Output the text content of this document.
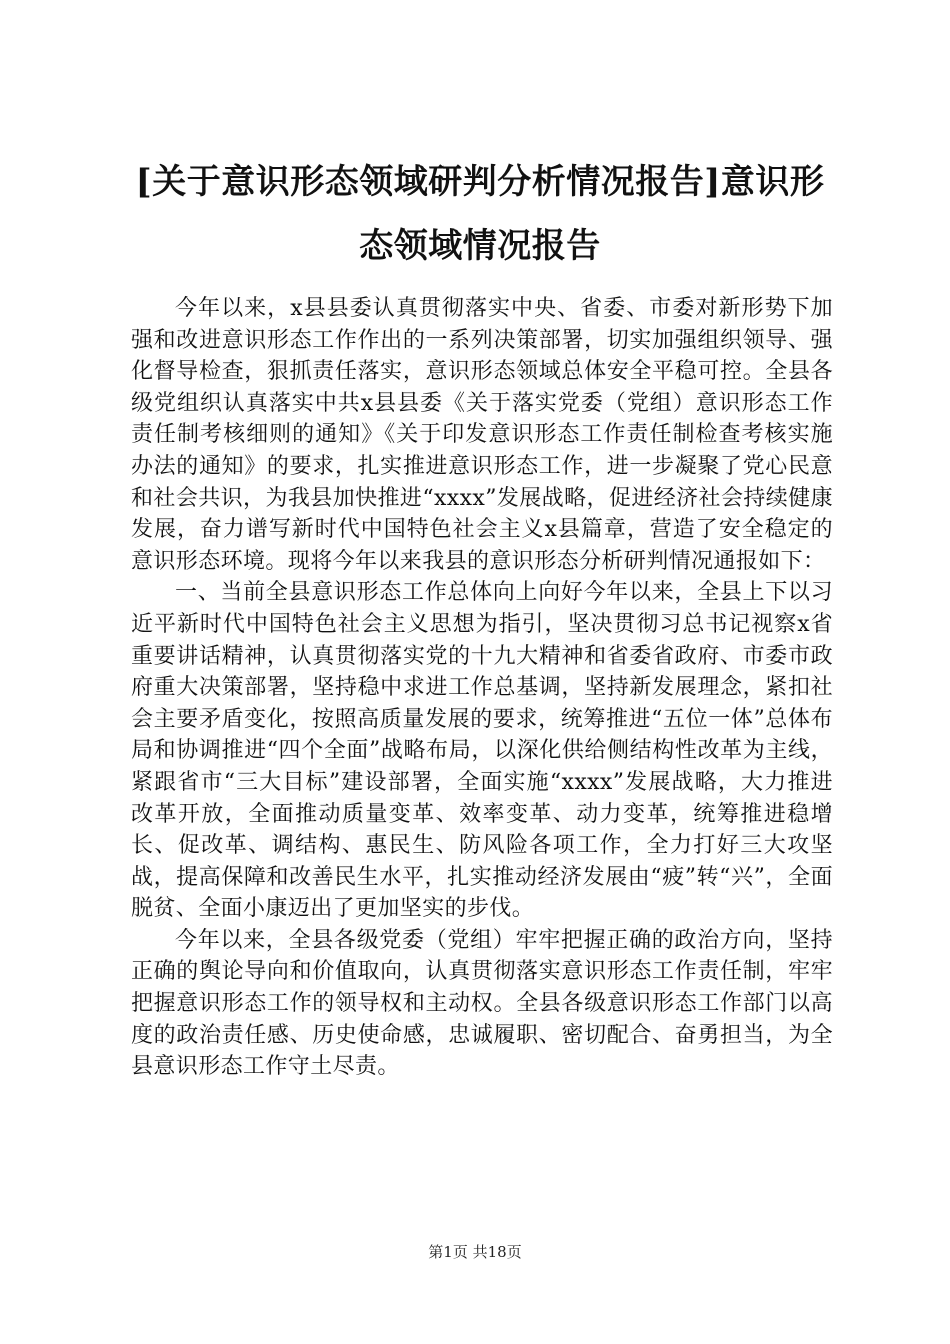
[关于意识形态领域研判分析情况报告]意识形
态领域情况报告

今年以来，x县县委认真贯彻落实中央、省委、市委对新形势下加强和改进意识形态工作作出的一系列决策部署，切实加强组织领导、强化督导检查，狠抓责任落实，意识形态领域总体安全平稳可控。全县各级党组织认真落实中共x县县委《关于落实党委（党组）意识形态工作责任制考核细则的通知》《关于印发意识形态工作责任制检查考核实施办法的通知》的要求，扎实推进意识形态工作，进一步凝聚了党心民意和社会共识，为我县加快推进“xxxx”发展战略，促进经济社会持续健康发展，奋力谱写新时代中国特色社会主义x县篇章，营造了安全稳定的意识形态环境。现将今年以来我县的意识形态分析研判情况通报如下：

一、当前全县意识形态工作总体向上向好今年以来，全县上下以习近平新时代中国特色社会主义思想为指引，坚决贯彻习总书记视察x省重要讲话精神，认真贯彻落实党的十九大精神和省委省政府、市委市政府重大决策部署，坚持稳中求进工作总基调，坚持新发展理念，紧扣社会主要矛盾变化，按照高质量发展的要求，统筹推进“五位一体”总体布局和协调推进“四个全面”战略布局，以深化供给侧结构性改革为主线，紧跟省市“三大目标”建设部署，全面实施“xxxx”发展战略，大力推进改革开放，全面推动质量变革、效率变革、动力变革，统筹推进稳增长、促改革、调结构、惠民生、防风险各项工作，全力打好三大攻坚战，提高保障和改善民生水平，扎实推动经济发展由“疲”转“兴”，全面脱贫、全面小康迈出了更加坚实的步伐。

今年以来，全县各级党委（党组）牢牢把握正确的政治方向，坚持正确的舆论导向和价值取向，认真贯彻落实意识形态工作责任制，牢牢把握意识形态工作的领导权和主动权。全县各级意识形态工作部门以高度的政治责任感、历史使命感，忠诚履职、密切配合、奋勇担当，为全县意识形态工作守土尽责。

第1页 共18页
